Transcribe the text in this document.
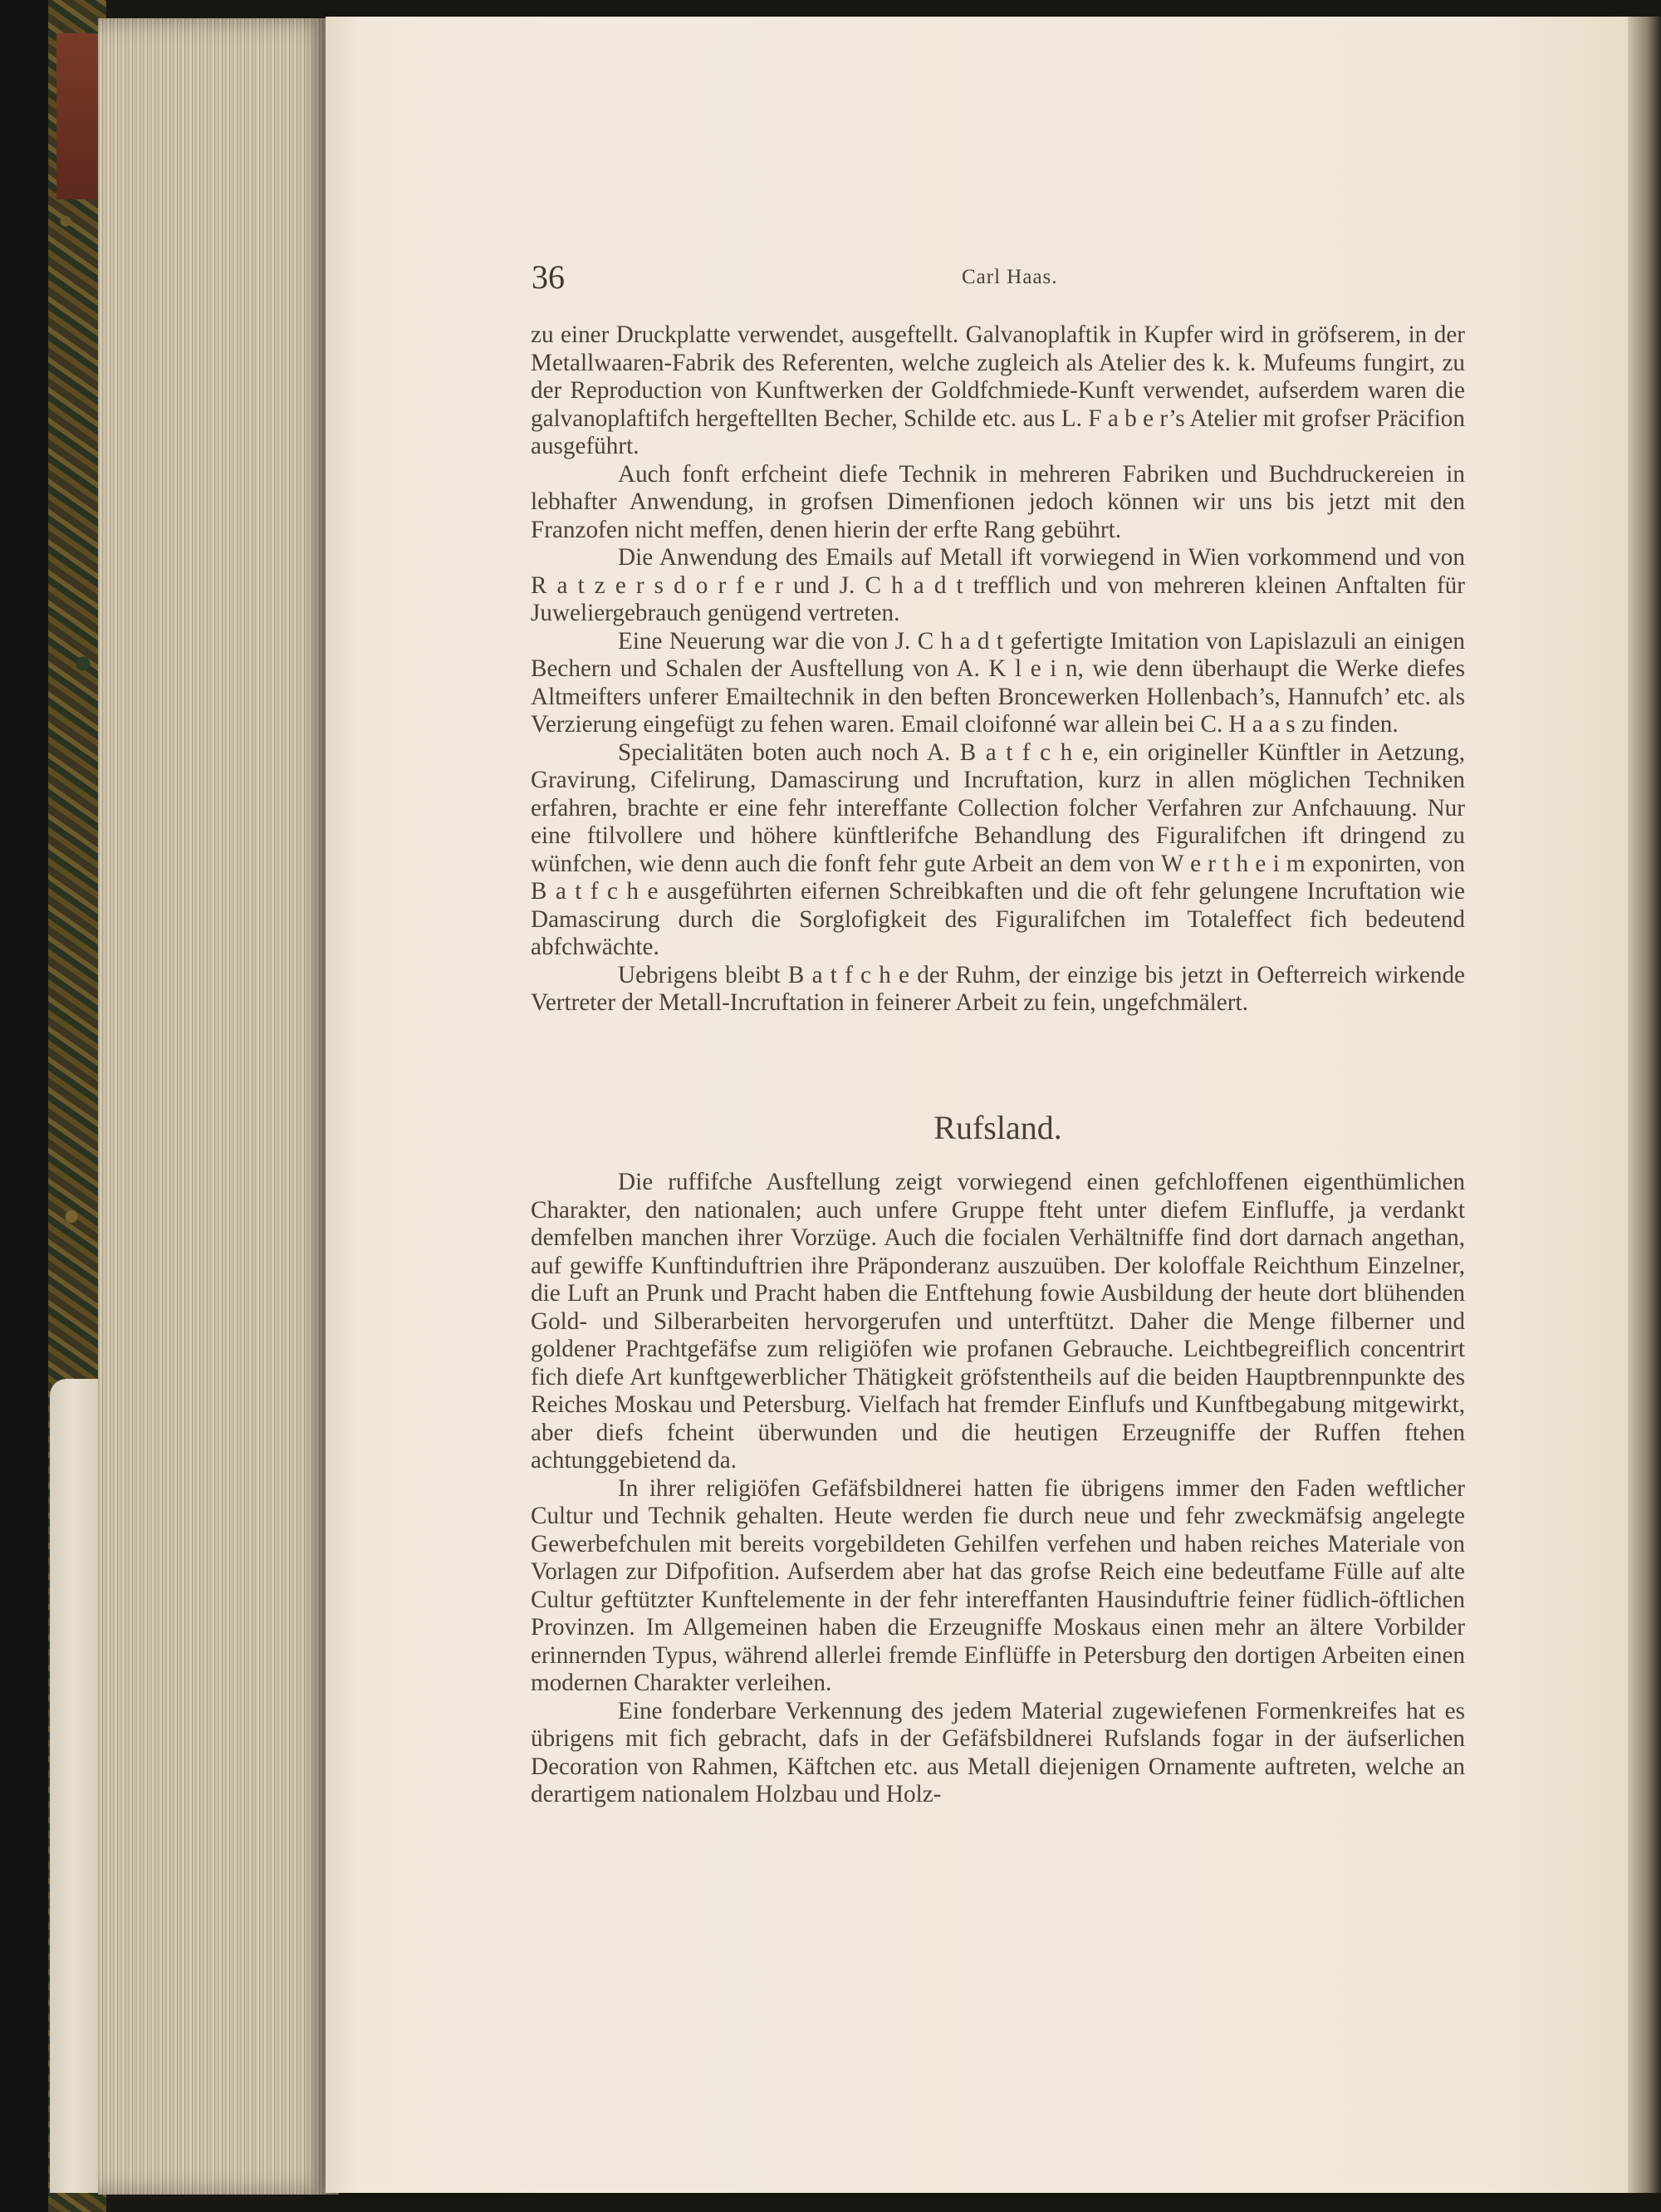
36	Carl Haas.

zu einer Druckplatte verwendet, ausgeftellt. Galvanoplaftik in Kupfer wird in gröfserem, in der Metallwaaren-Fabrik des Referenten, welche zugleich als Atelier des k. k. Mufeums fungirt, zu der Reproduction von Kunftwerken der Goldfchmiede-Kunft verwendet, aufserdem waren die galvanoplaftifch hergeftellten Becher, Schilde etc. aus L. F a b e r’s Atelier mit grofser Präcifion ausgeführt.

Auch fonft erfcheint diefe Technik in mehreren Fabriken und Buchdruckereien in lebhafter Anwendung, in grofsen Dimenfionen jedoch können wir uns bis jetzt mit den Franzofen nicht meffen, denen hierin der erfte Rang gebührt.

Die Anwendung des Emails auf Metall ift vorwiegend in Wien vorkommend und von R a t z e r s d o r f e r und J. C h a d t trefflich und von mehreren kleinen Anftalten für Juweliergebrauch genügend vertreten.

Eine Neuerung war die von J. C h a d t gefertigte Imitation von Lapislazuli an einigen Bechern und Schalen der Ausftellung von A. K l e i n, wie denn überhaupt die Werke diefes Altmeifters unferer Emailtechnik in den beften Broncewerken Hollenbach’s, Hannufch’ etc. als Verzierung eingefügt zu fehen waren. Email cloifonné war allein bei C. H a a s zu finden.

Specialitäten boten auch noch A. B a t f c h e, ein origineller Künftler in Aetzung, Gravirung, Cifelirung, Damascirung und Incruftation, kurz in allen möglichen Techniken erfahren, brachte er eine fehr intereffante Collection folcher Verfahren zur Anfchauung. Nur eine ftilvollere und höhere künftlerifche Behandlung des Figuralifchen ift dringend zu wünfchen, wie denn auch die fonft fehr gute Arbeit an dem von W e r t h e i m exponirten, von B a t f c h e ausgeführten eifernen Schreibkaften und die oft fehr gelungene Incruftation wie Damascirung durch die Sorglofigkeit des Figuralifchen im Totaleffect fich bedeutend abfchwächte.

Uebrigens bleibt B a t f c h e der Ruhm, der einzige bis jetzt in Oefterreich wirkende Vertreter der Metall-Incruftation in feinerer Arbeit zu fein, ungefchmälert.

Rufsland.

Die ruffifche Ausftellung zeigt vorwiegend einen gefchloffenen eigenthümlichen Charakter, den nationalen; auch unfere Gruppe fteht unter diefem Einfluffe, ja verdankt demfelben manchen ihrer Vorzüge. Auch die focialen Verhältniffe find dort darnach angethan, auf gewiffe Kunftinduftrien ihre Präponderanz auszuüben. Der koloffale Reichthum Einzelner, die Luft an Prunk und Pracht haben die Entftehung fowie Ausbildung der heute dort blühenden Gold- und Silberarbeiten hervorgerufen und unterftützt. Daher die Menge filberner und goldener Prachtgefäfse zum religiöfen wie profanen Gebrauche. Leichtbegreiflich concentrirt fich diefe Art kunftgewerblicher Thätigkeit gröfstentheils auf die beiden Hauptbrennpunkte des Reiches Moskau und Petersburg. Vielfach hat fremder Einflufs und Kunftbegabung mitgewirkt, aber diefs fcheint überwunden und die heutigen Erzeugniffe der Ruffen ftehen achtunggebietend da.

In ihrer religiöfen Gefäfsbildnerei hatten fie übrigens immer den Faden weftlicher Cultur und Technik gehalten. Heute werden fie durch neue und fehr zweckmäfsig angelegte Gewerbefchulen mit bereits vorgebildeten Gehilfen verfehen und haben reiches Materiale von Vorlagen zur Difpofition. Aufserdem aber hat das grofse Reich eine bedeutfame Fülle auf alte Cultur geftützter Kunftelemente in der fehr intereffanten Hausinduftrie feiner füdlich-öftlichen Provinzen. Im Allgemeinen haben die Erzeugniffe Moskaus einen mehr an ältere Vorbilder erinnernden Typus, während allerlei fremde Einflüffe in Petersburg den dortigen Arbeiten einen modernen Charakter verleihen.

Eine fonderbare Verkennung des jedem Material zugewiefenen Formenkreifes hat es übrigens mit fich gebracht, dafs in der Gefäfsbildnerei Rufslands fogar in der äufserlichen Decoration von Rahmen, Käftchen etc. aus Metall diejenigen Ornamente auftreten, welche an derartigem nationalem Holzbau und Holz-
